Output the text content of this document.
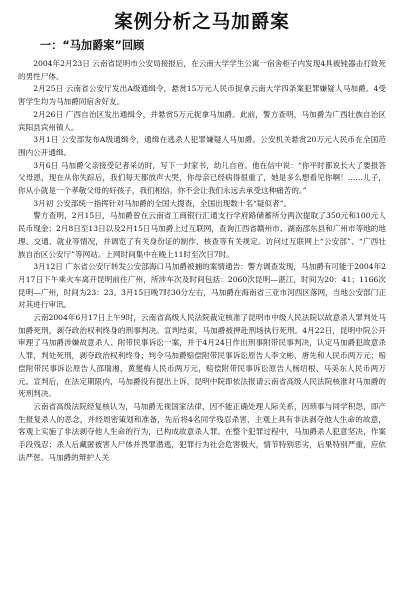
案例分析之马加爵案
一：“马加爵案”回顾

2004年2月23日 云南省昆明市公安局接报后，在云南大学学生公寓一宿舍柜子内发现4具被钝器击打致死的男性尸体。

2月25日 云南省公安厅发出A级通缉令，悬赏15万元人民币捉拿云南大学四条案犯罪嫌疑人马加爵。4受害学生均为马加爵同宿舍好友。

2月26日 广西自治区发出通缉令，并悬赏5万元捉拿马加爵。此前，警方查明，马加爵为广西壮族自治区宾阳县宾州镇人。

3月1日 公安部发布A级通缉令，通缉在逃杀人犯罪嫌疑人马加爵。公安机关悬赏20万元人民币在全国范围内公开通缉。

3月6日 马加爵父亲接受记者采访时，写下一封家书，幼儿自首。他在信中说：“你平时都说长大了要报答父母恩，现在从你失踪后，我们每天都放声大哭，你母亲已经病得很重了，她是多么想看见你啊！……儿子，你从小就是一个孝敬父母的好孩子，我们相信，你不会让我们永远去承受这种痛苦的。”

3月初 公安部统一指挥针对马加爵的全国大搜查，全国出现数十名“疑似者”。

警方查明，2月15日，马加爵曾在云南省工商银行汇通支行学府路储蓄所分两次提取了350元和100元人民币现金；2月8日至13日以及2月15日马加爵上过互联网，查询江西省赣州市、湖南邵东县和广州市等地的地理、交通、就业等情况，并调览了有关身份证的制作、核查等有关规定。访问过互联网上“公安部”、“广西壮族自治区公安厅”等网站。上网时间集中在晚上11时至次日7时。

3月12日 广东省公安厅转发公安部海口马加爵被捕的案情通告：警方调查发现，马加爵有可能于2004年2月17日下午乘火车离开昆明前往广州，所涉车次及时间包括：2060次昆明—湛江，时间为20：41；1166次昆明—广州，时间为23：23。3月15日晚7时30分左右，马加爵在海南省三亚市河西区落网，当地公安部门正对其进行审讯。

云南2004年6月17日上午9时，云南省高级人民法院裁定核准了昆明市中级人民法院以故意杀人罪判处马加爵死刑，剥夺政治权利终身的刑事判决。宣判结束，马加爵被押赴刑场执行死刑。4月22日，昆明中院公开审理了马加爵涉嫌故意杀人、附带民事诉讼一案，并于4月24日作出刑事附带民事判决，认定马加爵犯故意杀人罪，判处死刑，剥夺政治权利终身；判令马加爵赔偿附带民事诉讼原告人李文彬、唐先和人民币两万元；赔偿附带民事诉讼原告人邵瑞湘、黄燮梅人民币两万元，赔偿附带民事诉讼原告人杨绍根、马美东人民币两万元。宣判后，在法定期限内，马加爵没有提出上诉，昆明中院即依法报请云南省高级人民法院核准对马加爵的死刑判决。

云南省高级法院经复核认为，马加爵无视国家法律，因不能正确处理人际关系，因琐事与同学积怨，即产生报复杀人的恶念，并经周密策划和准备，先后将4名同学残忍杀害，主观上具有非法剥夺他人生命的故意，客观上实施了非法剥夺他人生命的行为，已构成故意杀人罪。在整个犯罪过程中，马加爵杀人犯意坚决，作案手段残忍；杀人后藏匿被害人尸体并畏罪潜逃，犯罪行为社会危害极大，情节特别恶劣，后果特别严重，应依法严惩。马加爵的辩护人关
